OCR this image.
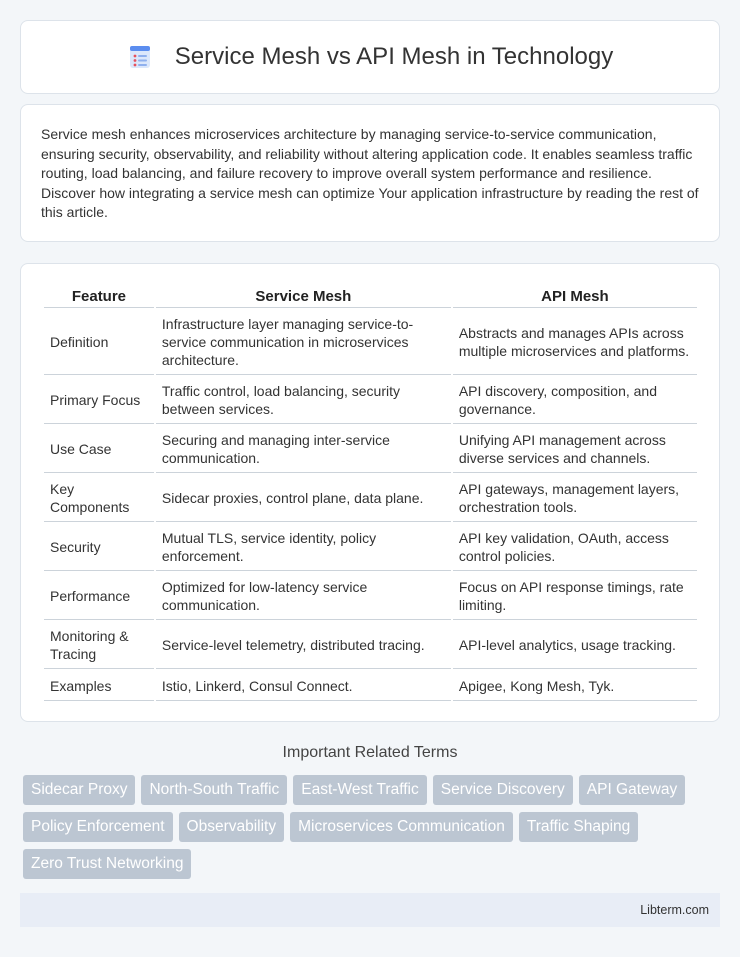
Service Mesh vs API Mesh in Technology

Service mesh enhances microservices architecture by managing service-to-service communication, ensuring security, observability, and reliability without altering application code. It enables seamless traffic routing, load balancing, and failure recovery to improve overall system performance and resilience. Discover how integrating a service mesh can optimize Your application infrastructure by reading the rest of this article.

Feature	Service Mesh	API Mesh
Definition	Infrastructure layer managing service-to-service communication in microservices architecture.	Abstracts and manages APIs across multiple microservices and platforms.
Primary Focus	Traffic control, load balancing, security between services.	API discovery, composition, and governance.
Use Case	Securing and managing inter-service communication.	Unifying API management across diverse services and channels.
Key Components	Sidecar proxies, control plane, data plane.	API gateways, management layers, orchestration tools.
Security	Mutual TLS, service identity, policy enforcement.	API key validation, OAuth, access control policies.
Performance	Optimized for low-latency service communication.	Focus on API response timings, rate limiting.
Monitoring & Tracing	Service-level telemetry, distributed tracing.	API-level analytics, usage tracking.
Examples	Istio, Linkerd, Consul Connect.	Apigee, Kong Mesh, Tyk.
Important Related Terms
Sidecar Proxy	North-South Traffic	East-West Traffic	Service Discovery	API Gateway
Policy Enforcement	Observability	Microservices Communication	Traffic Shaping
Zero Trust Networking
Libterm.com
